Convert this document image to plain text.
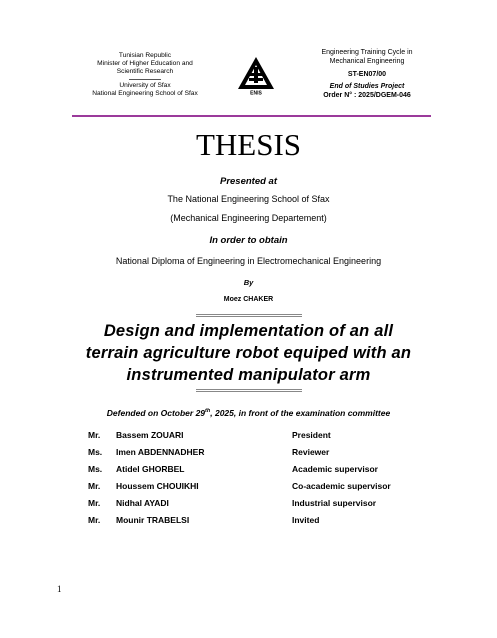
Tunisian Republic
Minister of Higher Education and
Scientific Research
University of Sfax
National Engineering School of Sfax	ENIS
Engineering Training Cycle in
Mechanical Engineering
ST-EN07/00
End of Studies Project
Order N° : 2025/DGEM-046
THESIS
Presented at
The National Engineering School of Sfax
(Mechanical Engineering Departement)
In order to obtain
National Diploma of Engineering in Electromechanical Engineering
By
Moez CHAKER
Design and implementation of an all
terrain agriculture robot equiped with an
instrumented manipulator arm
Defended on October 29th, 2025, in front of the examination committee
Mr. Bassem ZOUARI	President
Ms. Imen ABDENNADHER	Reviewer
Ms. Atidel GHORBEL	Academic supervisor
Mr. Houssem CHOUIKHI	Co-academic supervisor
Mr. Nidhal AYADI	Industrial supervisor
Mr. Mounir TRABELSI	Invited
1
